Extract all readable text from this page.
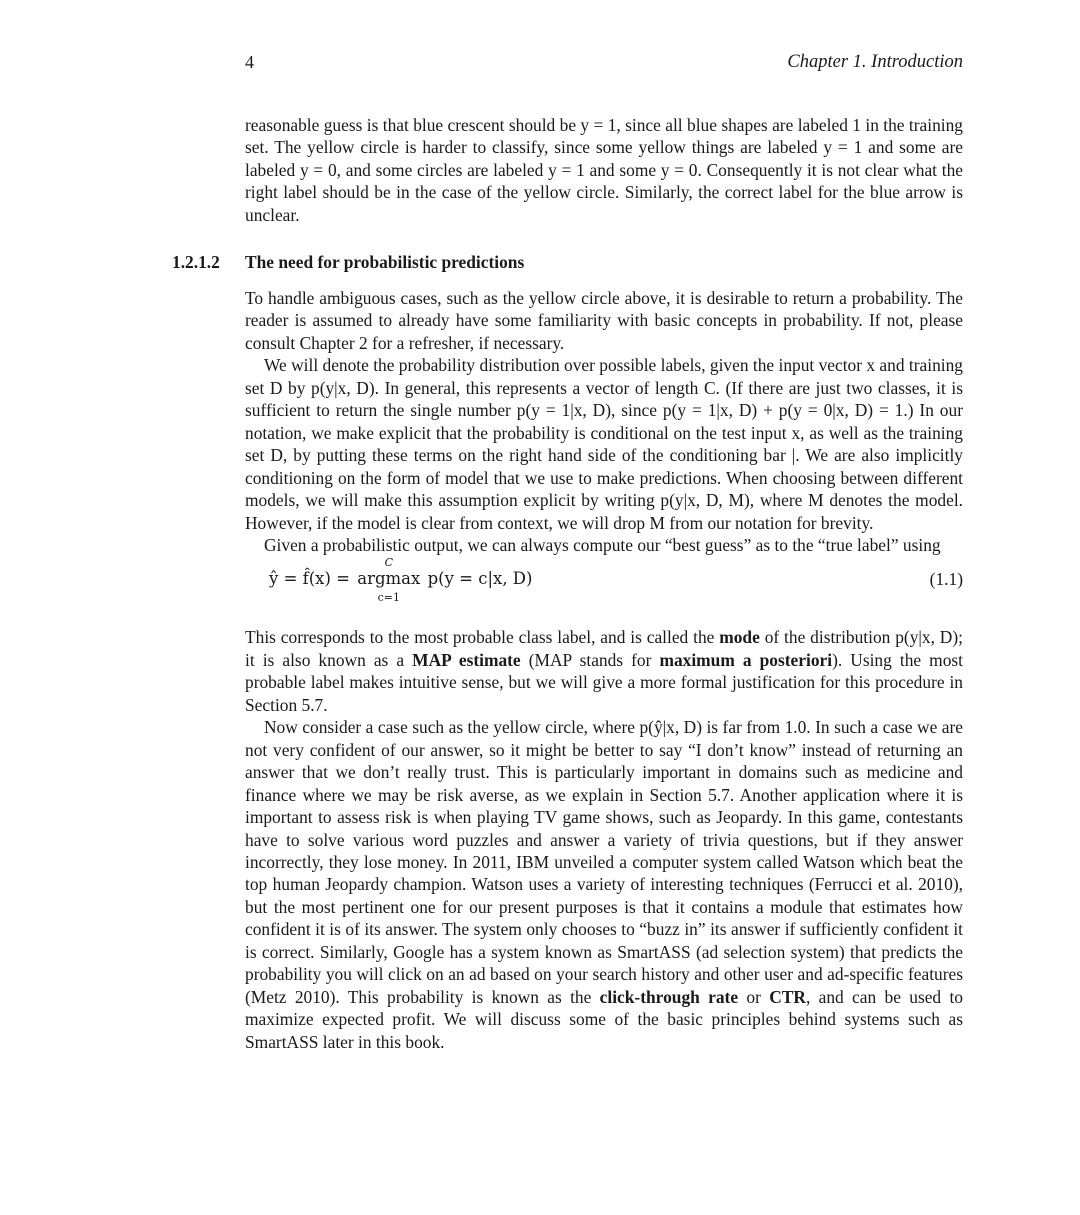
4	Chapter 1. Introduction

reasonable guess is that blue crescent should be y = 1, since all blue shapes are labeled 1 in the training set. The yellow circle is harder to classify, since some yellow things are labeled y = 1 and some are labeled y = 0, and some circles are labeled y = 1 and some y = 0. Consequently it is not clear what the right label should be in the case of the yellow circle. Similarly, the correct label for the blue arrow is unclear.

1.2.1.2 The need for probabilistic predictions

To handle ambiguous cases, such as the yellow circle above, it is desirable to return a probability. The reader is assumed to already have some familiarity with basic concepts in probability. If not, please consult Chapter 2 for a refresher, if necessary.

We will denote the probability distribution over possible labels, given the input vector x and training set D by p(y|x, D). In general, this represents a vector of length C. (If there are just two classes, it is sufficient to return the single number p(y = 1|x, D), since p(y = 1|x, D) + p(y = 0|x, D) = 1.) In our notation, we make explicit that the probability is conditional on the test input x, as well as the training set D, by putting these terms on the right hand side of the conditioning bar |. We are also implicitly conditioning on the form of model that we use to make predictions. When choosing between different models, we will make this assumption explicit by writing p(y|x, D, M), where M denotes the model. However, if the model is clear from context, we will drop M from our notation for brevity.

Given a probabilistic output, we can always compute our “best guess” as to the “true label” using

ŷ = f̂(x) =
C
argmax
c=1
p(y = c|x, D)	(1.1)

This corresponds to the most probable class label, and is called the mode of the distribution p(y|x, D); it is also known as a MAP estimate (MAP stands for maximum a posteriori). Using the most probable label makes intuitive sense, but we will give a more formal justification for this procedure in Section 5.7.

Now consider a case such as the yellow circle, where p(ŷ|x, D) is far from 1.0. In such a case we are not very confident of our answer, so it might be better to say “I don’t know” instead of returning an answer that we don’t really trust. This is particularly important in domains such as medicine and finance where we may be risk averse, as we explain in Section 5.7. Another application where it is important to assess risk is when playing TV game shows, such as Jeopardy. In this game, contestants have to solve various word puzzles and answer a variety of trivia questions, but if they answer incorrectly, they lose money. In 2011, IBM unveiled a computer system called Watson which beat the top human Jeopardy champion. Watson uses a variety of interesting techniques (Ferrucci et al. 2010), but the most pertinent one for our present purposes is that it contains a module that estimates how confident it is of its answer. The system only chooses to “buzz in” its answer if sufficiently confident it is correct. Similarly, Google has a system known as SmartASS (ad selection system) that predicts the probability you will click on an ad based on your search history and other user and ad-specific features (Metz 2010). This probability is known as the click-through rate or CTR, and can be used to maximize expected profit. We will discuss some of the basic principles behind systems such as SmartASS later in this book.
